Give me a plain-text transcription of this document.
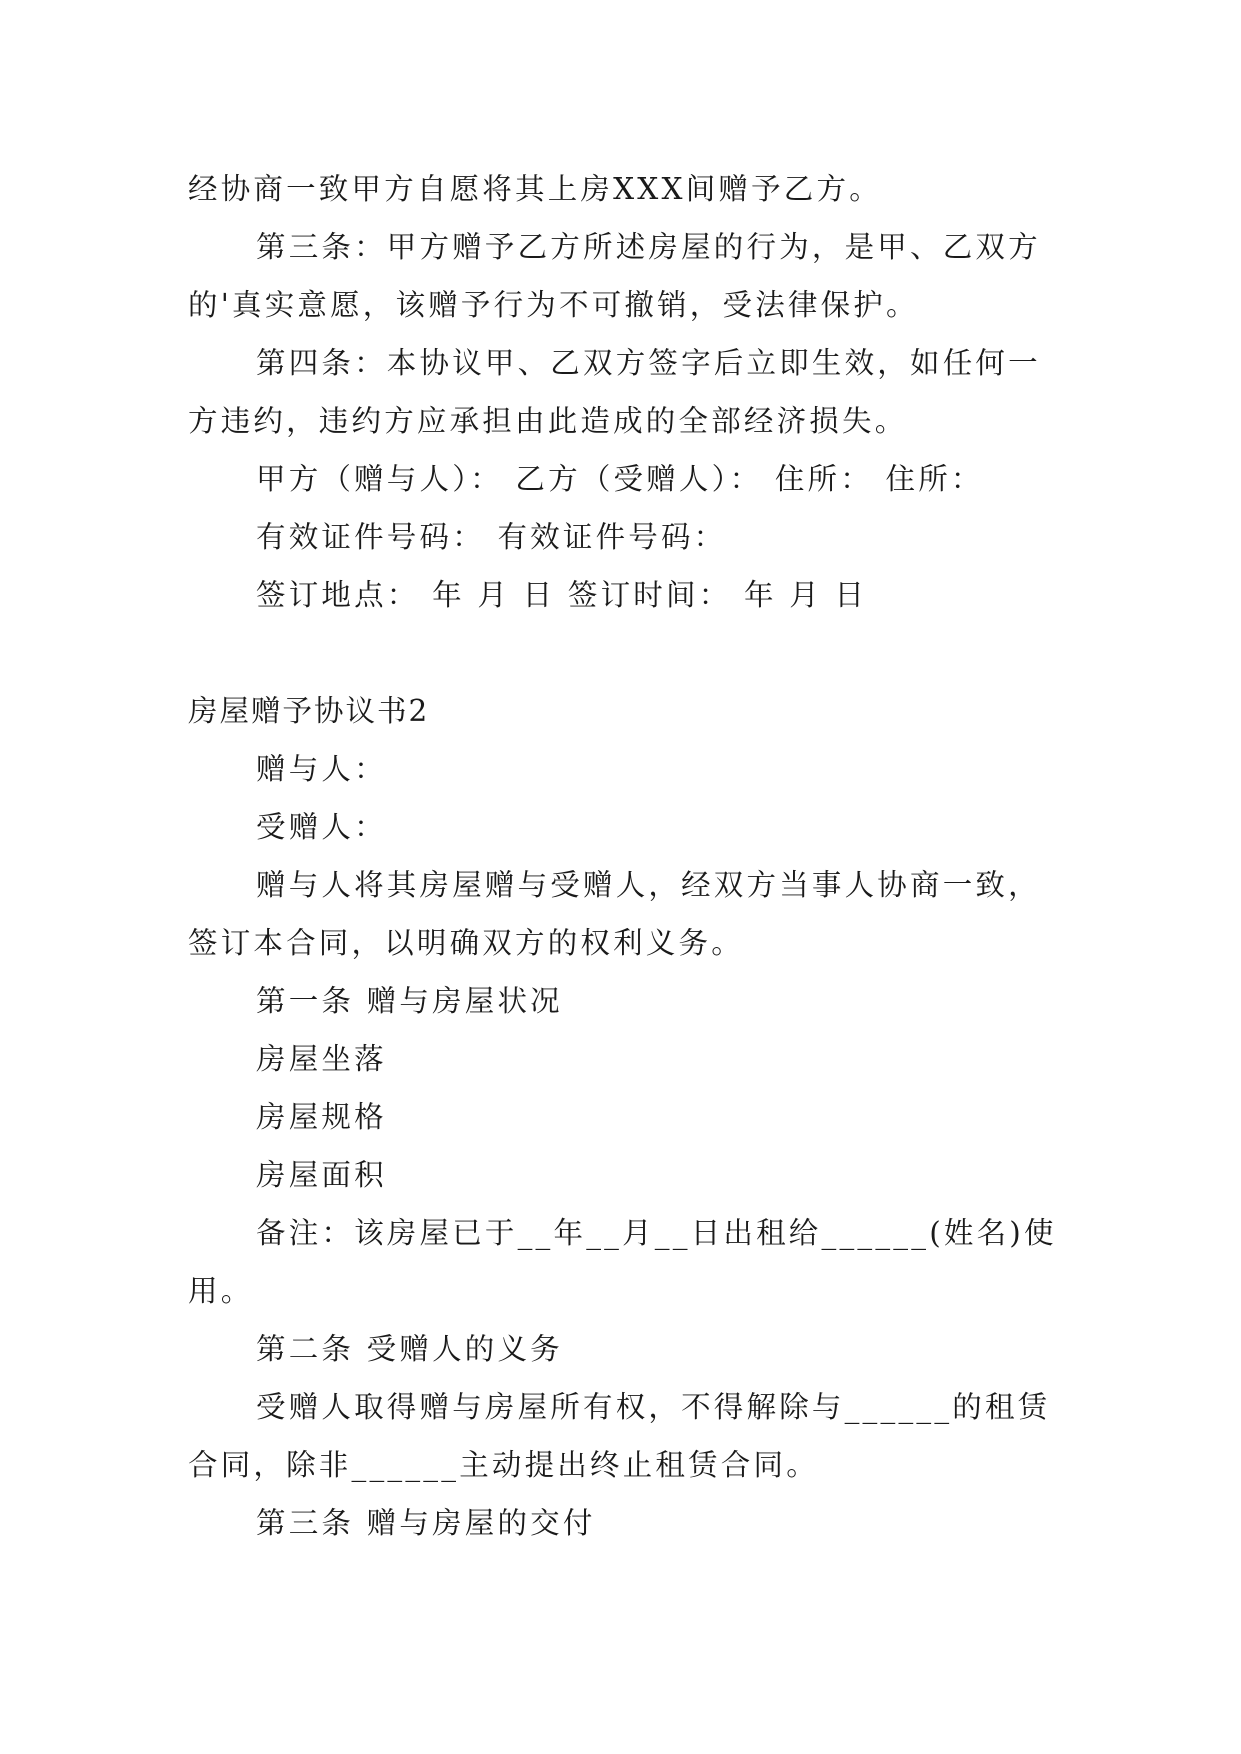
经协商一致甲方自愿将其上房XXX间赠予乙方。
第三条：甲方赠予乙方所述房屋的行为，是甲、乙双方
的'真实意愿，该赠予行为不可撤销，受法律保护。
第四条：本协议甲、乙双方签字后立即生效，如任何一
方违约，违约方应承担由此造成的全部经济损失。
甲方（赠与人）： 乙方（受赠人）： 住所： 住所：
有效证件号码： 有效证件号码：
签订地点： 年 月 日 签订时间： 年 月 日
房屋赠予协议书2
赠与人：
受赠人：
赠与人将其房屋赠与受赠人，经双方当事人协商一致，
签订本合同，以明确双方的权利义务。
第一条 赠与房屋状况
房屋坐落
房屋规格
房屋面积
备注：该房屋已于__年__月__日出租给______(姓名)使
用。
第二条 受赠人的义务
受赠人取得赠与房屋所有权，不得解除与______的租赁
合同，除非______主动提出终止租赁合同。
第三条 赠与房屋的交付
